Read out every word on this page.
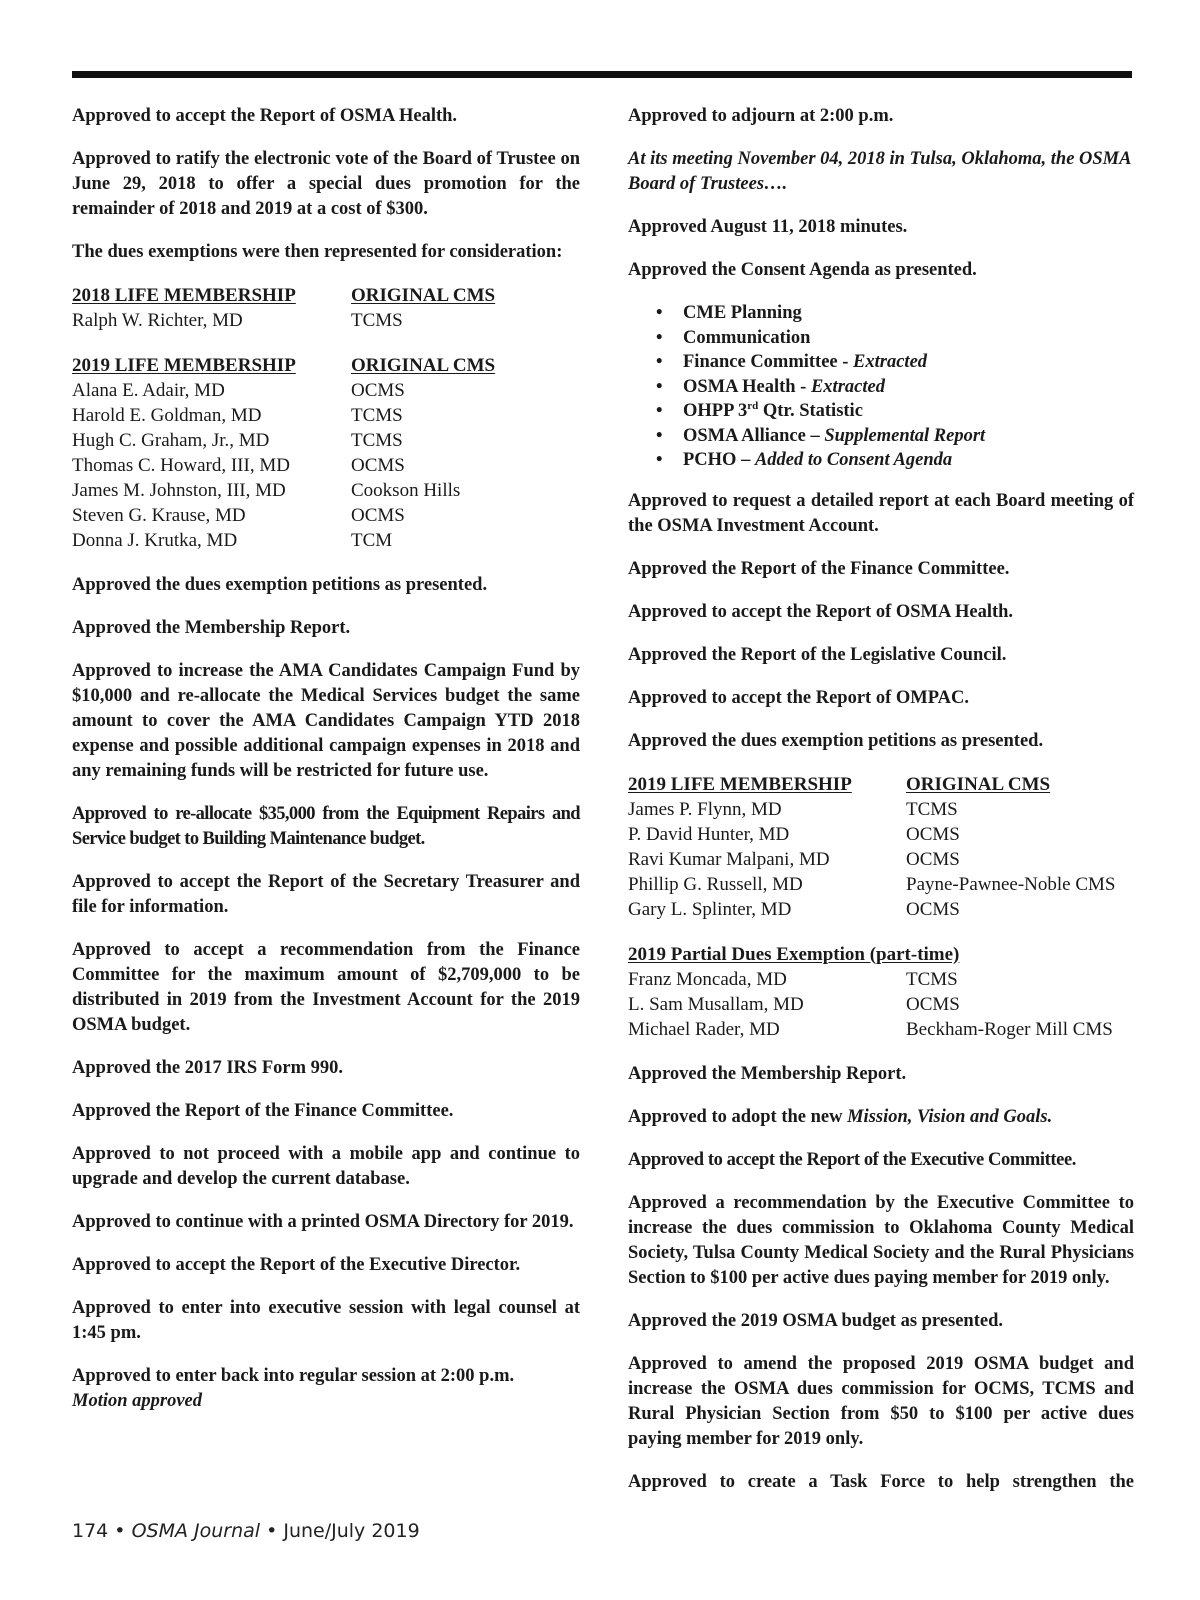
Approved to accept the Report of OSMA Health.

Approved to ratify the electronic vote of the Board of Trustee on June 29, 2018 to offer a special dues promotion for the remainder of 2018 and 2019 at a cost of $300.

The dues exemptions were then represented for consideration:

2018 LIFE MEMBERSHIP	ORIGINAL CMS
Ralph W. Richter, MD	TCMS
2019 LIFE MEMBERSHIP	ORIGINAL CMS
Alana E. Adair, MD	OCMS
Harold E. Goldman, MD	TCMS
Hugh C. Graham, Jr., MD	TCMS
Thomas C. Howard, III, MD	OCMS
James M. Johnston, III, MD	Cookson Hills
Steven G. Krause, MD	OCMS
Donna J. Krutka, MD	TCM

Approved the dues exemption petitions as presented.

Approved the Membership Report.

Approved to increase the AMA Candidates Campaign Fund by $10,000 and re-allocate the Medical Services budget the same amount to cover the AMA Candidates Campaign YTD 2018 expense and possible additional campaign expenses in 2018 and any remaining funds will be restricted for future use.

Approved to re-allocate $35,000 from the Equipment Repairs and Service budget to Building Maintenance budget.

Approved to accept the Report of the Secretary Treasurer and file for information.

Approved to accept a recommendation from the Finance Committee for the maximum amount of $2,709,000 to be distributed in 2019 from the Investment Account for the 2019 OSMA budget.

Approved the 2017 IRS Form 990.

Approved the Report of the Finance Committee.

Approved to not proceed with a mobile app and continue to upgrade and develop the current database.

Approved to continue with a printed OSMA Directory for 2019.

Approved to accept the Report of the Executive Director.

Approved to enter into executive session with legal counsel at 1:45 pm.

Approved to enter back into regular session at 2:00 p.m.
Motion approved

Approved to adjourn at 2:00 p.m.

At its meeting November 04, 2018 in Tulsa, Oklahoma, the OSMA Board of Trustees….

Approved August 11, 2018 minutes.

Approved the Consent Agenda as presented.

• CME Planning
• Communication
• Finance Committee - Extracted
• OSMA Health - Extracted
• OHPP 3rd Qtr. Statistic
• OSMA Alliance – Supplemental Report
• PCHO – Added to Consent Agenda

Approved to request a detailed report at each Board meeting of the OSMA Investment Account.

Approved the Report of the Finance Committee.

Approved to accept the Report of OSMA Health.

Approved the Report of the Legislative Council.

Approved to accept the Report of OMPAC.

Approved the dues exemption petitions as presented.

2019 LIFE MEMBERSHIP	ORIGINAL CMS
James P. Flynn, MD	TCMS
P. David Hunter, MD	OCMS
Ravi Kumar Malpani, MD	OCMS
Phillip G. Russell, MD	Payne-Pawnee-Noble CMS
Gary L. Splinter, MD	OCMS
2019 Partial Dues Exemption (part-time)
Franz Moncada, MD	TCMS
L. Sam Musallam, MD	OCMS
Michael Rader, MD	Beckham-Roger Mill CMS

Approved the Membership Report.

Approved to adopt the new Mission, Vision and Goals.

Approved to accept the Report of the Executive Committee.

Approved a recommendation by the Executive Committee to increase the dues commission to Oklahoma County Medical Society, Tulsa County Medical Society and the Rural Physicians Section to $100 per active dues paying member for 2019 only.

Approved the 2019 OSMA budget as presented.

Approved to amend the proposed 2019 OSMA budget and increase the OSMA dues commission for OCMS, TCMS and Rural Physician Section from $50 to $100 per active dues paying member for 2019 only.

Approved to create a Task Force to help strengthen the

174 • OSMA Journal • June/July 2019
